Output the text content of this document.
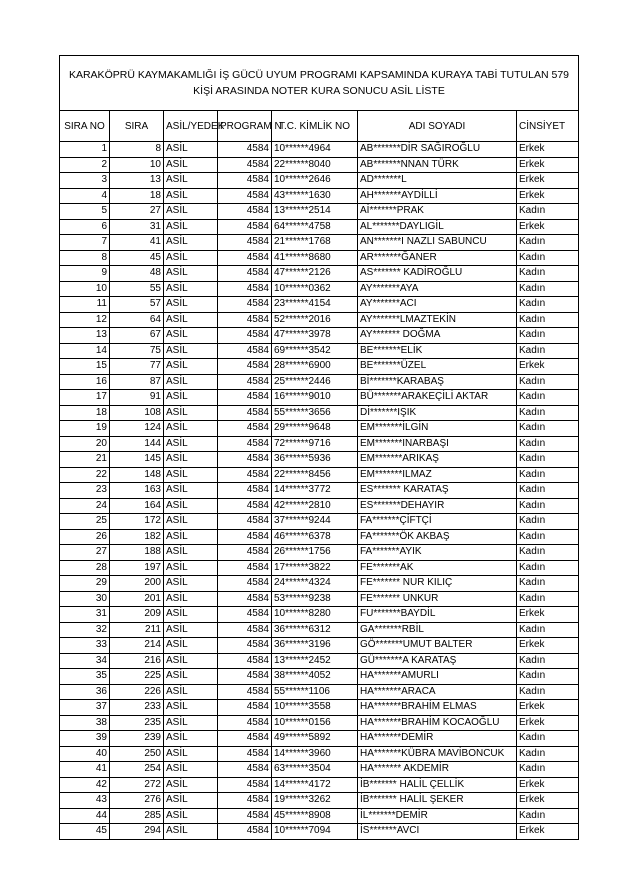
KARAKÖPRÜ KAYMAKAMLIĞI İŞ GÜCÜ UYUM PROGRAMI KAPSAMINDA KURAYA TABİ TUTULAN 579 KİŞİ ARASINDA NOTER KURA SONUCU ASİL LİSTE						
SIRA NO	SIRA	ASİL/YEDEK	PROGRAM N	T.C. KİMLİK NO	ADI SOYADI	CİNSİYET
1	8	ASİL	4584	10******4964	AB*******DİR SAĞIROĞLU	Erkek
2	10	ASİL	4584	22******8040	AB*******NNAN TÜRK	Erkek
3	13	ASİL	4584	10******2646	AD*******L	Erkek
4	18	ASİL	4584	43******1630	AH*******AYDİLLİ	Erkek
5	27	ASİL	4584	13******2514	Aİ*******PRAK	Kadın
6	31	ASİL	4584	64******4758	AL*******DAYLIGİL	Erkek
7	41	ASİL	4584	21******1768	AN*******I NAZLI SABUNCU	Kadın
8	45	ASİL	4584	41******8680	AR*******ĞANER	Kadın
9	48	ASİL	4584	47******2126	AS******* KADİROĞLU	Kadın
10	55	ASİL	4584	10******0362	AY*******AYA	Kadın
11	57	ASİL	4584	23******4154	AY*******ACI	Kadın
12	64	ASİL	4584	52******2016	AY*******LMAZTEKİN	Kadın
13	67	ASİL	4584	47******3978	AY******* DOĞMA	Kadın
14	75	ASİL	4584	69******3542	BE*******ELİK	Kadın
15	77	ASİL	4584	28******6900	BE*******ÜZEL	Erkek
16	87	ASİL	4584	25******2446	Bİ*******KARABAŞ	Kadın
17	91	ASİL	4584	16******9010	BÜ*******ARAKEÇİLİ AKTAR	Kadın
18	108	ASİL	4584	55******3656	Dİ*******IŞIK	Kadın
19	124	ASİL	4584	29******9648	EM*******İLGİN	Kadın
20	144	ASİL	4584	72******9716	EM*******INARBAŞI	Kadın
21	145	ASİL	4584	36******5936	EM*******ARIKAŞ	Kadın
22	148	ASİL	4584	22******8456	EM*******ILMAZ	Kadın
23	163	ASİL	4584	14******3772	ES******* KARATAŞ	Kadın
24	164	ASİL	4584	42******2810	ES*******DEHAYIR	Kadın
25	172	ASİL	4584	37******9244	FA*******ÇİFTÇİ	Kadın
26	182	ASİL	4584	46******6378	FA*******ÖK AKBAŞ	Kadın
27	188	ASİL	4584	26******1756	FA*******AYIK	Kadın
28	197	ASİL	4584	17******3822	FE*******AK	Kadın
29	200	ASİL	4584	24******4324	FE******* NUR KILIÇ	Kadın
30	201	ASİL	4584	53******9238	FE******* UNKUR	Kadın
31	209	ASİL	4584	10******8280	FU*******BAYDİL	Erkek
32	211	ASİL	4584	36******6312	GA*******RBİL	Kadın
33	214	ASİL	4584	36******3196	GÖ*******UMUT BALTER	Erkek
34	216	ASİL	4584	13******2452	GÜ*******A KARATAŞ	Kadın
35	225	ASİL	4584	38******4052	HA*******AMURLI	Kadın
36	226	ASİL	4584	55******1106	HA*******ARACA	Kadın
37	233	ASİL	4584	10******3558	HA*******BRAHİM ELMAS	Erkek
38	235	ASİL	4584	10******0156	HA*******BRAHİM KOCAOĞLU	Erkek
39	239	ASİL	4584	49******5892	HA*******DEMİR	Kadın
40	250	ASİL	4584	14******3960	HA*******KÜBRA MAVİBONCUK	Kadın
41	254	ASİL	4584	63******3504	HA******* AKDEMİR	Kadın
42	272	ASİL	4584	14******4172	İB******* HALİL ÇELLİK	Erkek
43	276	ASİL	4584	19******3262	İB******* HALİL ŞEKER	Erkek
44	285	ASİL	4584	45******8908	İL*******DEMİR	Kadın
45	294	ASİL	4584	10******7094	İS*******AVCI	Erkek
